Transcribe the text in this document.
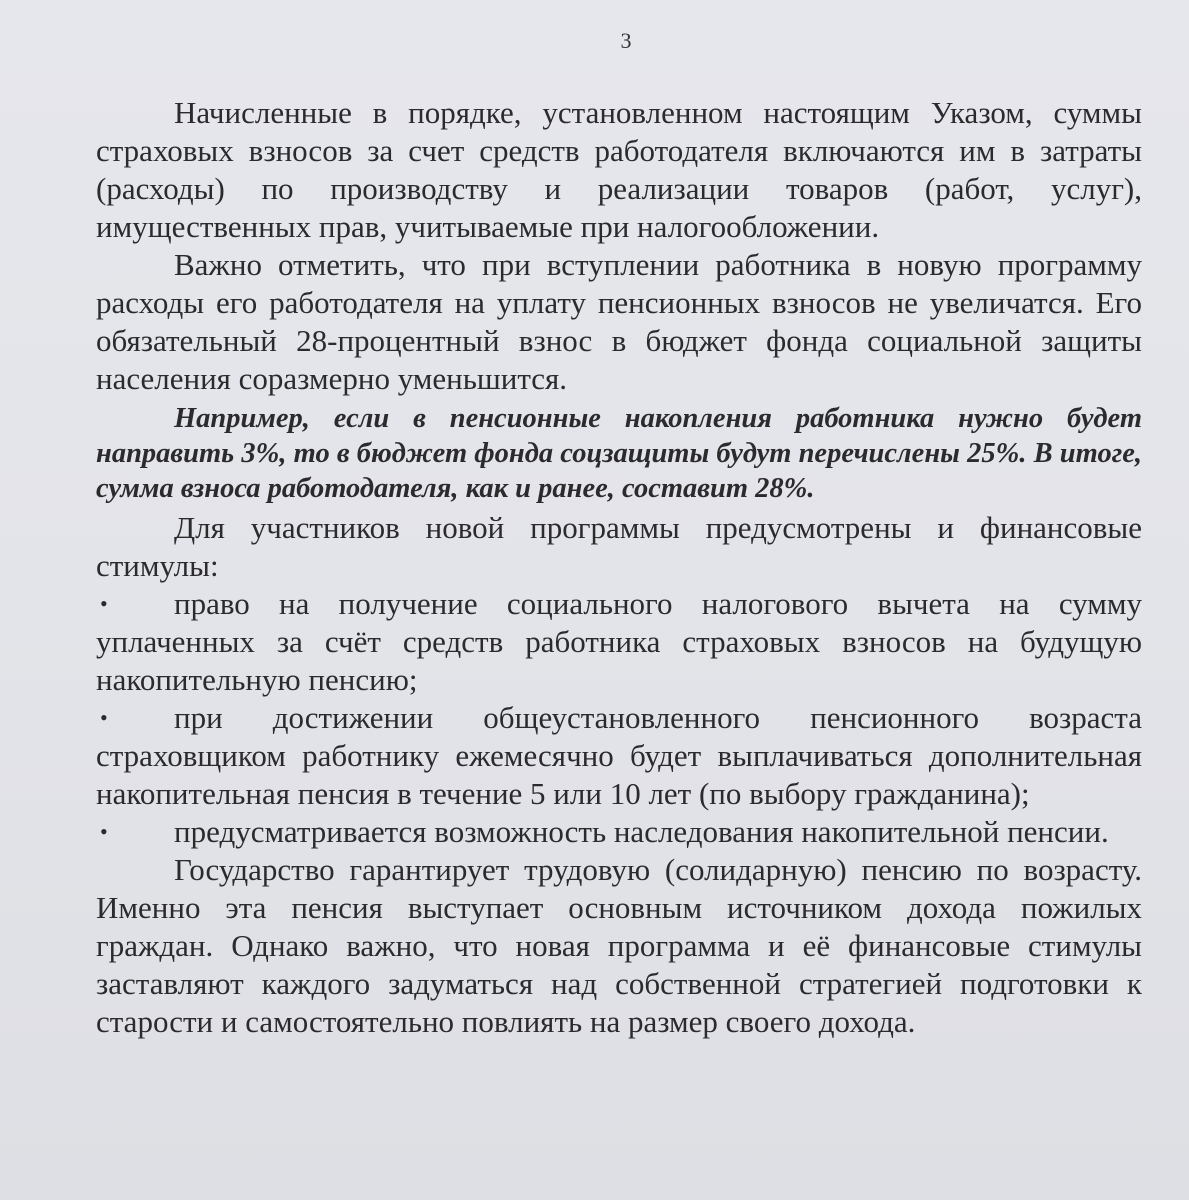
3

Начисленные в порядке, установленном настоящим Указом, суммы страховых взносов за счет средств работодателя включаются им в затраты (расходы) по производству и реализации товаров (работ, услуг), имущественных прав, учитываемые при налогообложении.

Важно отметить, что при вступлении работника в новую программу расходы его работодателя на уплату пенсионных взносов не увеличатся. Его обязательный 28-процентный взнос в бюджет фонда социальной защиты населения соразмерно уменьшится.

Например, если в пенсионные накопления работника нужно будет направить 3%, то в бюджет фонда соцзащиты будут перечислены 25%. В итоге, сумма взноса работодателя, как и ранее, составит 28%.

Для участников новой программы предусмотрены и финансовые стимулы:

• право на получение социального налогового вычета на сумму уплаченных за счёт средств работника страховых взносов на будущую накопительную пенсию;
• при достижении общеустановленного пенсионного возраста страховщиком работнику ежемесячно будет выплачиваться дополнительная накопительная пенсия в течение 5 или 10 лет (по выбору гражданина);
• предусматривается возможность наследования накопительной пенсии.

Государство гарантирует трудовую (солидарную) пенсию по возрасту. Именно эта пенсия выступает основным источником дохода пожилых граждан. Однако важно, что новая программа и её финансовые стимулы заставляют каждого задуматься над собственной стратегией подготовки к старости и самостоятельно повлиять на размер своего дохода.
